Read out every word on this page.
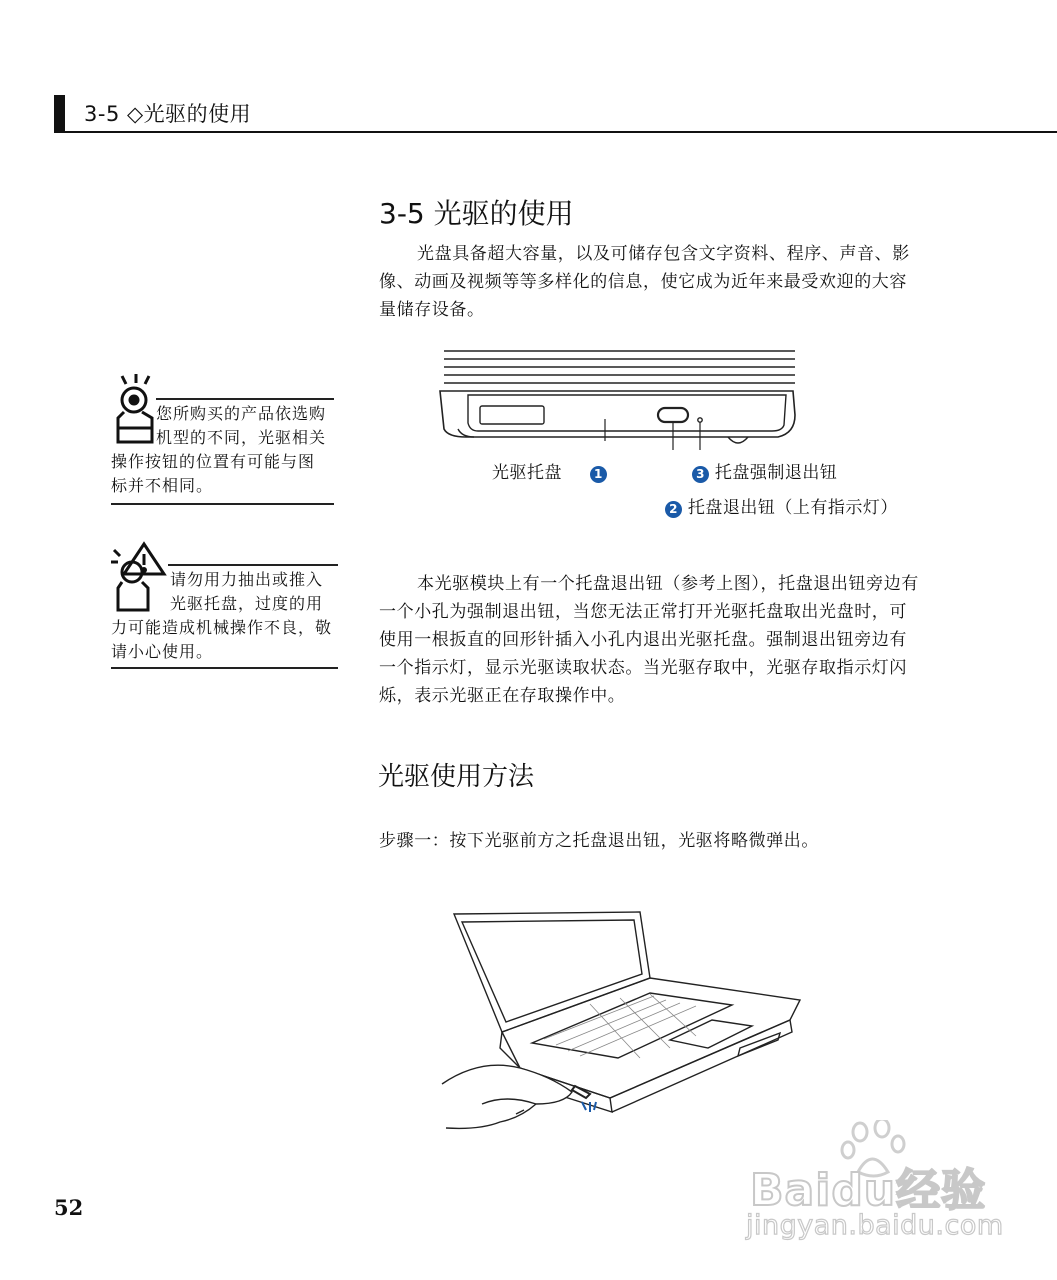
3-5 ◇光驱的使用
3-5 光驱的使用

光盘具备超大容量，以及可储存包含文字资料、程序、声音、影像、动画及视频等等多样化的信息，使它成为近年来最受欢迎的大容量储存设备。

光驱托盘	1	3 托盘强制退出钮
2 托盘退出钮（上有指示灯）
您所购买的产品依选购
机型的不同，光驱相关
操作按钮的位置有可能与图
标并不相同。
请勿用力抽出或推入
光驱托盘，过度的用
力可能造成机械操作不良，敬
请小心使用。

本光驱模块上有一个托盘退出钮（参考上图），托盘退出钮旁边有一个小孔为强制退出钮，当您无法正常打开光驱托盘取出光盘时，可使用一根扳直的回形针插入小孔内退出光驱托盘。强制退出钮旁边有一个指示灯，显示光驱读取状态。当光驱存取中，光驱存取指示灯闪烁，表示光驱正在存取操作中。

光驱使用方法
步骤一：按下光驱前方之托盘退出钮，光驱将略微弹出。
52	Baidu经验
jingyan.baidu.com
